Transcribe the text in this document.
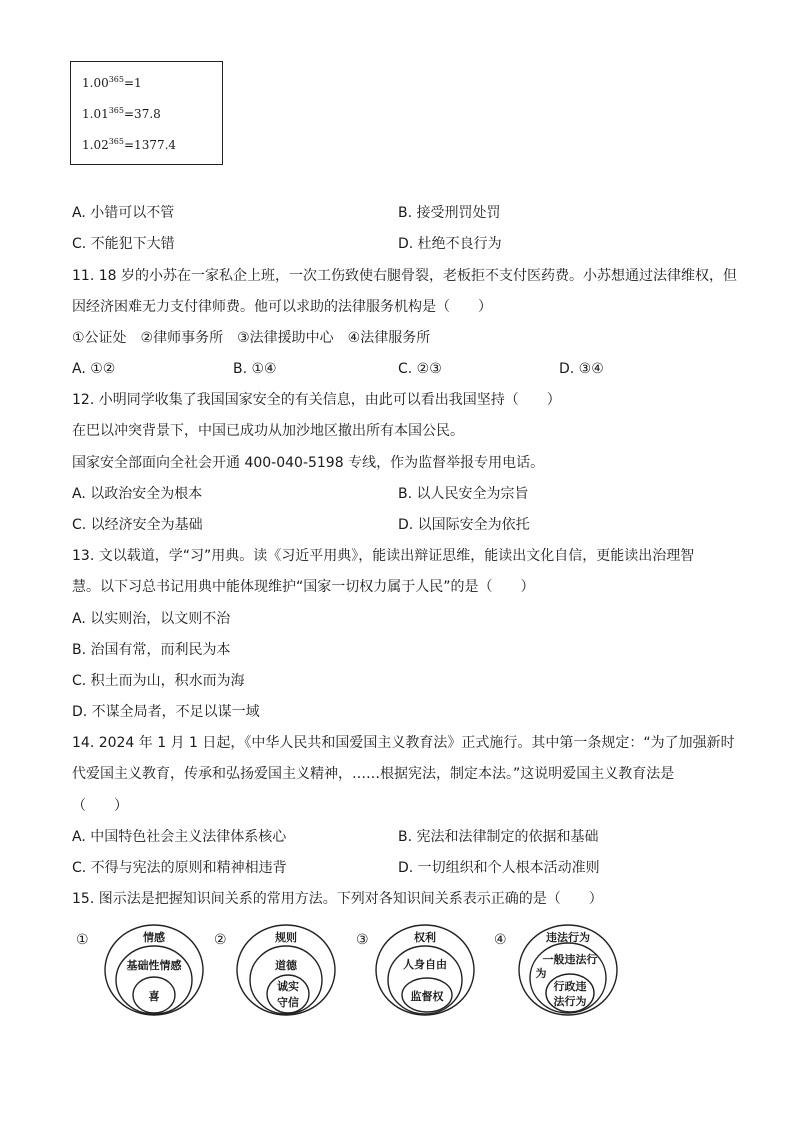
$1.00^{365}=1$
$1.01^{365}=37.8$
$1.02^{365}=1377.4$
A. 小错可以不管	B. 接受刑罚处罚
C. 不能犯下大错	D. 杜绝不良行为
11. 18 岁的小苏在一家私企上班，一次工伤致使右腿骨裂，老板拒不支付医药费。小苏想通过法律维权，但
因经济困难无力支付律师费。他可以求助的法律服务机构是（　　）
①公证处　②律师事务所　③法律援助中心　④法律服务所
A. ①②	B. ①④	C. ②③	D. ③④
12. 小明同学收集了我国国家安全的有关信息，由此可以看出我国坚持（　　）
在巴以冲突背景下，中国已成功从加沙地区撤出所有本国公民。
国家安全部面向全社会开通 400-040-5198 专线，作为监督举报专用电话。
A. 以政治安全为根本	B. 以人民安全为宗旨
C. 以经济安全为基础	D. 以国际安全为依托
13. 文以载道，学“习”用典。读《习近平用典》，能读出辩证思维，能读出文化自信，更能读出治理智
慧。以下习总书记用典中能体现维护“国家一切权力属于人民”的是（　　）
A. 以实则治，以文则不治
B. 治国有常，而利民为本
C. 积土而为山，积水而为海
D. 不谋全局者，不足以谋一域
14. 2024 年 1 月 1 日起，《中华人民共和国爱国主义教育法》正式施行。其中第一条规定：“为了加强新时
代爱国主义教育，传承和弘扬爱国主义精神，……根据宪法，制定本法。”这说明爱国主义教育法是
（　　）
A. 中国特色社会主义法律体系核心	B. 宪法和法律制定的依据和基础
C. 不得与宪法的原则和精神相违背	D. 一切组织和个人根本活动准则
15. 图示法是把握知识间关系的常用方法。下列对各知识间关系表示正确的是（　　）
①	情感
基础性情感
喜
②	规则
道德
诚实
守信
③	权利
人身自由
监督权
④	违法行为
一般违法行
为
行政违
法行为
